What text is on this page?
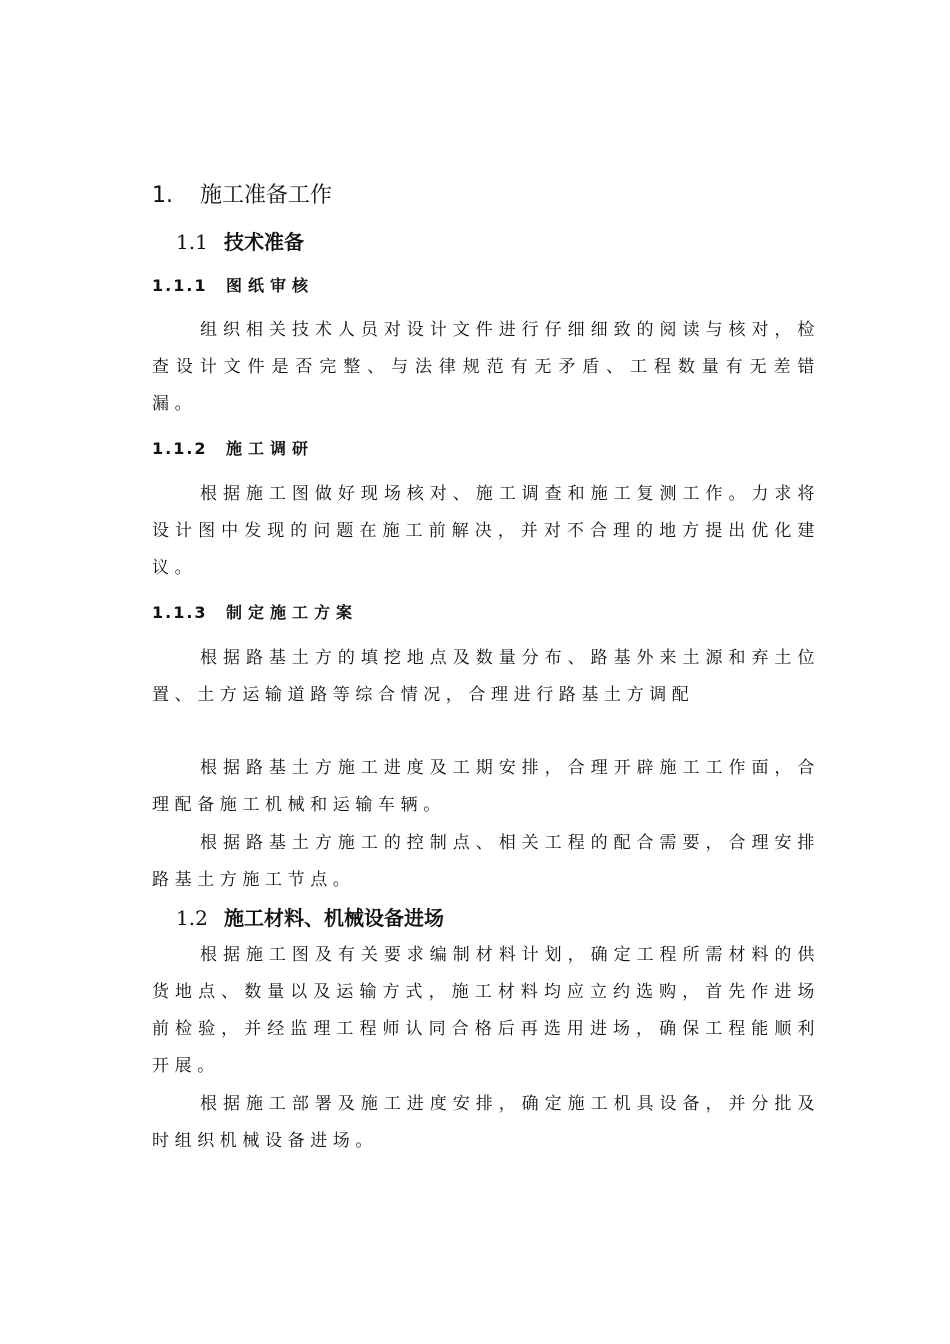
1. 施工准备工作
1.1 技术准备
1.1.1 图纸审核
组织相关技术人员对设计文件进行仔细细致的阅读与核对，检查设计文件是否完整、与法律规范有无矛盾、工程数量有无差错漏。
1.1.2 施工调研
根据施工图做好现场核对、施工调查和施工复测工作。力求将设计图中发现的问题在施工前解决，并对不合理的地方提出优化建议。
1.1.3 制定施工方案
根据路基土方的填挖地点及数量分布、路基外来土源和弃土位置、土方运输道路等综合情况，合理进行路基土方调配
根据路基土方施工进度及工期安排，合理开辟施工工作面，合理配备施工机械和运输车辆。
根据路基土方施工的控制点、相关工程的配合需要，合理安排路基土方施工节点。
1.2 施工材料、机械设备进场
根据施工图及有关要求编制材料计划，确定工程所需材料的供货地点、数量以及运输方式，施工材料均应立约选购，首先作进场前检验，并经监理工程师认同合格后再选用进场，确保工程能顺利开展。
根据施工部署及施工进度安排，确定施工机具设备，并分批及时组织机械设备进场。
